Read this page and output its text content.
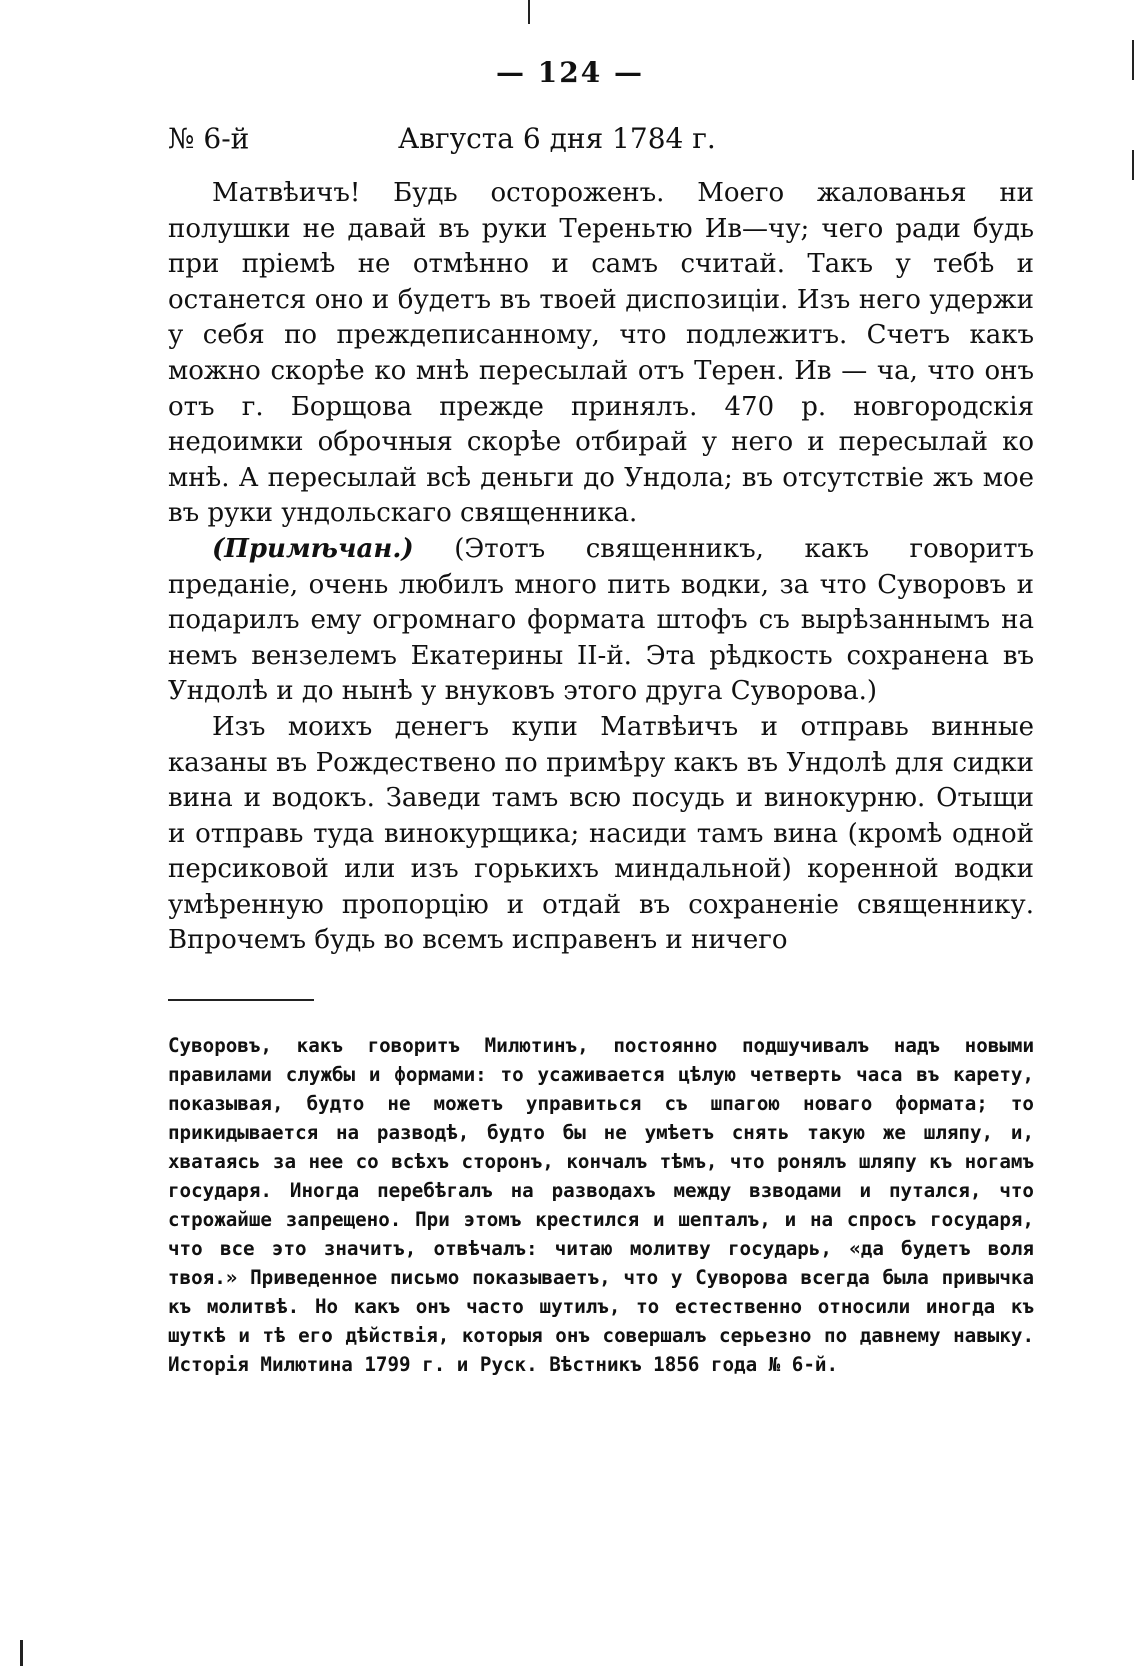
— 124 —
№ 6-й	Августа 6 дня 1784 г.

Матвѣичъ! Будь остороженъ. Моего жалованья ни полушки не давай въ руки Тереньтю Ив—чу; чего ради будь при пріемѣ не отмѣнно и самъ считай. Такъ у тебѣ и останется оно и будетъ въ твоей диспозиціи. Изъ него удержи у себя по преждеписанному, что подлежитъ. Счетъ какъ можно скорѣе ко мнѣ пересылай отъ Терен. Ив — ча, что онъ отъ г. Борщова прежде принялъ. 470 р. новгородскія недоимки оброчныя скорѣе отбирай у него и пересылай ко мнѣ. А пересылай всѣ деньги до Ундола; въ отсутствіе жъ мое въ руки ундольскаго священника.

(Примѣчан.) (Этотъ священникъ, какъ говоритъ преданіе, очень любилъ много пить водки, за что Суворовъ и подарилъ ему огромнаго формата штофъ съ вырѣзаннымъ на немъ вензелемъ Екатерины II-й. Эта рѣдкость сохранена въ Ундолѣ и до нынѣ у внуковъ этого друга Суворова.)

Изъ моихъ денегъ купи Матвѣичъ и отправь винные казаны въ Рождествено по примѣру какъ въ Ундолѣ для сидки вина и водокъ. Заведи тамъ всю посудь и винокурню. Отыщи и отправь туда винокурщика; насиди тамъ вина (кромѣ одной персиковой или изъ горькихъ миндальной) коренной водки умѣренную пропорцію и отдай въ сохраненіе священнику. Впрочемъ будь во всемъ исправенъ и ничего

Суворовъ, какъ говоритъ Милютинъ, постоянно подшучивалъ надъ новыми правилами службы и формами: то усаживается цѣлую четверть часа въ карету, показывая, будто не можетъ управиться съ шпагою новаго формата; то прикидывается на разводѣ, будто бы не умѣетъ снять такую же шляпу, и, хватаясь за нее со всѣхъ сторонъ, кончалъ тѣмъ, что ронялъ шляпу къ ногамъ государя. Иногда перебѣгалъ на разводахъ между взводами и путался, что строжайше запрещено. При этомъ крестился и шепталъ, и на спросъ государя, что все это значитъ, отвѣчалъ: читаю молитву государь, «да будетъ воля твоя.» Приведенное письмо показываетъ, что у Суворова всегда была привычка къ молитвѣ. Но какъ онъ часто шутилъ, то естественно относили иногда къ шуткѣ и тѣ его дѣйствія, которыя онъ совершалъ серьезно по давнему навыку. Исторія Милютина 1799 г. и Руск. Вѣстникъ 1856 года № 6-й.
